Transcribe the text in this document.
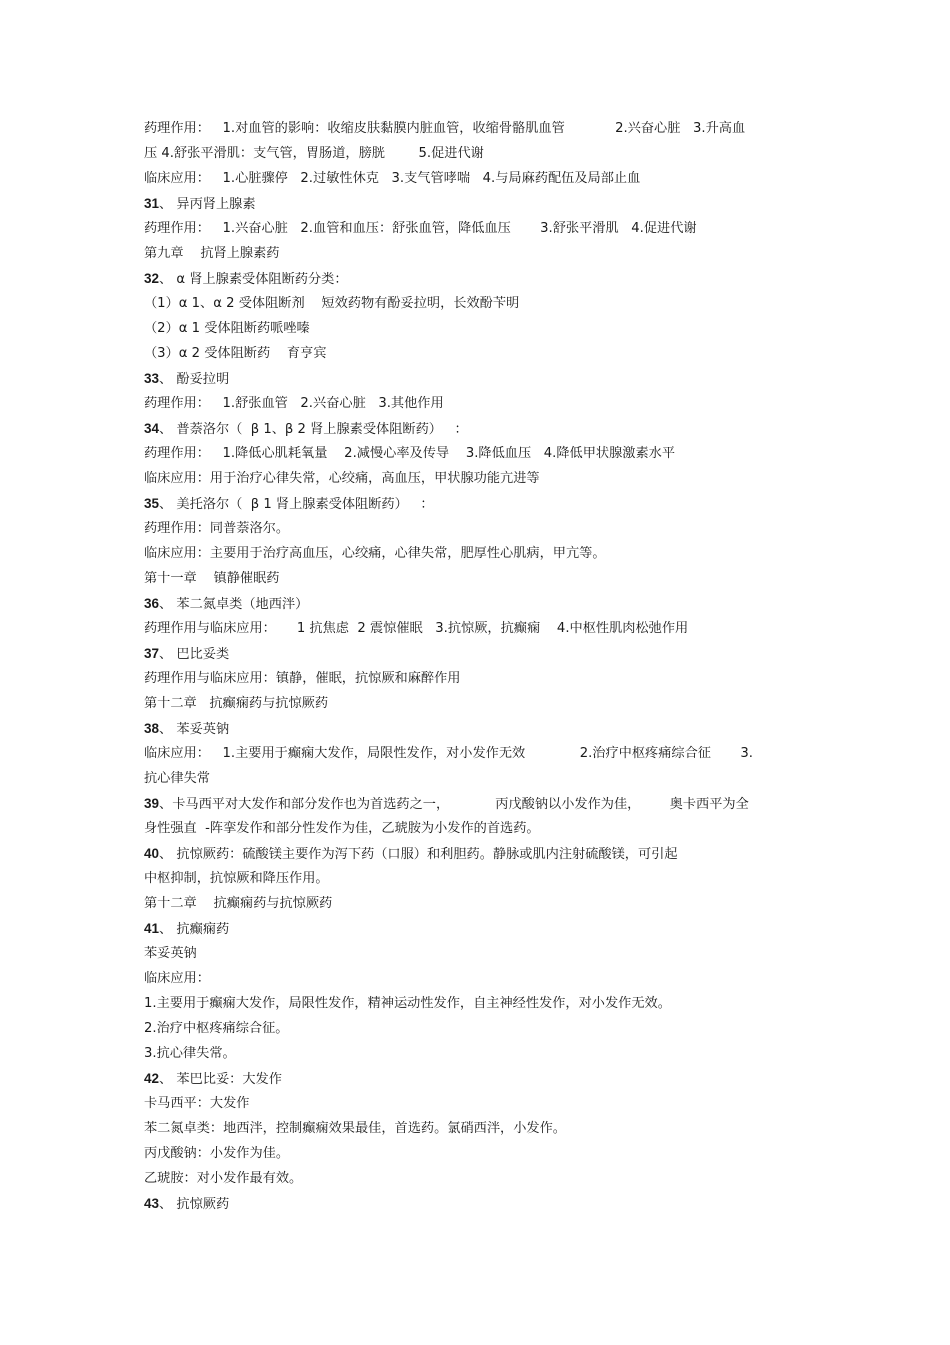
药理作用：   1.对血管的影响：收缩皮肤黏膜内脏血管，收缩骨骼肌血管            2.兴奋心脏   3.升高血
压 4.舒张平滑肌：支气管，胃肠道，膀胱        5.促进代谢
临床应用：   1.心脏骤停   2.过敏性休克   3.支气管哮喘   4.与局麻药配伍及局部止血
31、 异丙肾上腺素
药理作用：   1.兴奋心脏   2.血管和血压：舒张血管，降低血压       3.舒张平滑肌   4.促进代谢
第九章    抗肾上腺素药
32、 α 肾上腺素受体阻断药分类：
（1）α 1、α 2 受体阻断剂    短效药物有酚妥拉明，长效酚苄明
（2）α 1 受体阻断药哌唑嗪
（3）α 2 受体阻断药    育亨宾
33、 酚妥拉明
药理作用：   1.舒张血管   2.兴奋心脏   3.其他作用
34、 普萘洛尔（  β 1、β 2 肾上腺素受体阻断药）   ：
药理作用：   1.降低心肌耗氧量    2.减慢心率及传导    3.降低血压   4.降低甲状腺激素水平
临床应用：用于治疗心律失常，心绞痛，高血压，甲状腺功能亢进等
35、 美托洛尔（  β 1 肾上腺素受体阻断药）   ：
药理作用：同普萘洛尔。
临床应用：主要用于治疗高血压，心绞痛，心律失常，肥厚性心肌病，甲亢等。
第十一章    镇静催眠药
36、 苯二氮卓类（地西泮）
药理作用与临床应用：     1 抗焦虑  2 震惊催眠   3.抗惊厥，抗癫痫    4.中枢性肌肉松弛作用
37、 巴比妥类
药理作用与临床应用：镇静，催眠，抗惊厥和麻醉作用
第十二章   抗癫痫药与抗惊厥药
38、 苯妥英钠
临床应用：   1.主要用于癫痫大发作，局限性发作，对小发作无效             2.治疗中枢疼痛综合征       3.
抗心律失常
39、卡马西平对大发作和部分发作也为首选药之一，           丙戊酸钠以小发作为佳，       奥卡西平为全
身性强直  -阵挛发作和部分性发作为佳，乙琥胺为小发作的首选药。
40、 抗惊厥药：硫酸镁主要作为泻下药（口服）和利胆药。静脉或肌内注射硫酸镁，可引起
中枢抑制，抗惊厥和降压作用。
第十二章    抗癫痫药与抗惊厥药
41、 抗癫痫药
苯妥英钠
临床应用：
1.主要用于癫痫大发作，局限性发作，精神运动性发作，自主神经性发作，对小发作无效。
2.治疗中枢疼痛综合征。
3.抗心律失常。
42、 苯巴比妥：大发作
卡马西平：大发作
苯二氮卓类：地西泮，控制癫痫效果最佳，首选药。氯硝西泮，小发作。
丙戊酸钠：小发作为佳。
乙琥胺：对小发作最有效。
43、 抗惊厥药
